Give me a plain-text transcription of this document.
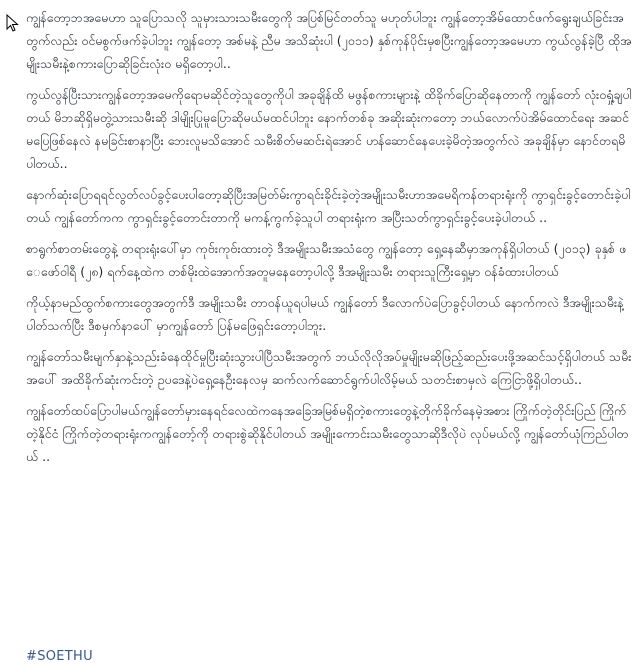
ကျွန်တော့ဘအမေဟာ သူပြောသလို သူမှားသားသမီးတွေကို အပြစ်မြင်တတ်သူ မဟုတ်ပါဘူး ကျွန်တော့အိမ်ထောင်ဖက်ရွေးချယ်ခြင်းအတွက်လည်း ဝင်မစွက်ဖက်ခဲ့ပါဘူး ကျွန်တော့ အစ်မနဲ့ ညီမ အသိဆုံးပါ (၂၀၁၁) နှစ်ကုန်ပိုင်းမှစပြီးကျွန်တော့အမေဟာ ကွယ်လွန်ခဲ့ပြီ ထိုအမျိုးသမီးနဲ့စကားပြောဆိုခြင်းလုံးဝ မရှိတော့ပါ..

ကွယ်လွန်ပြီးသားကျွန်တော့အမေကိုရောမဆိုင်တဲ့သူတွေကိုပါ အခုချိန်ထိ မဖွန်စကားများနဲ့ ထိခိုက်ပြောဆိုနေတာကို ကျွန်တော် လုံးဝရှုံ့ချပါတယ် မိဘဆိုရှိမတွဲ့သားသမီးဆို ဒါမျိုးပြုမူပြောဆိုမယ်မထင်ပါဘူး နောက်တစ်ခု အဆိုးဆုံးကတော့ ဘယ်လောက်ပဲအိမ်ထောင်ရေး အဆင်မပြေဖြစ်နေလဲ နမခြင်းစာနာပြီး ဘေးလူမသိအောင် သမီးစိတ်မဆင်းရဲအောင် ဟန်ဆောင်နေပေးခဲ့မိတဲ့အတွက်လဲ အခုချိန်မှာ နောင်တရမိပါတယ်..

နောက်ဆုံးပြောရရင်လွတ်လပ်ခွင့်ပေးပါတော့ဆိုပြီးအမြတ်မ်းကွာရင်းခိုင်းခဲ့တဲ့အမျိုးသမီးဟာအမေရိကန်တရားရုံးကို ကွာရှင်းခွင့်တောင်းခဲ့ပါတယ် ကျွန်တော်ကက ကွာရှင်းခွင့်တောင်းတာကို မကန့်ကွက်ခဲ့သူပါ တရားရုံးက အပြီးသတ်ကွာရှင်းခွင့်ပေးခဲ့ပါတယ် ..

စာရွက်စာတမ်းတွေနဲ့ တရားရုံးပေါ်မှာ ကုဗ်းကုဗ်းထားတဲ့ ဒီအမျိုးသမီးအသံတွေ ကျွန်တော့ ရှေ့နေဆီမှာအကုန်ရှိပါတယ် (၂၀၁၃) ခုနှစ် ဖေဖော်ဝါရီ (၂၈) ရက်နေ့ထဲက တစ်မိုးထဲအောက်အတူမနေတော့ပါလို့ ဒီအမျိုးသမီး တရားသူကြီးရှေ့မှာ ဝန်ခံထားပါတယ်

ကိုယ့်နာမည်ထွက်စကားတွေအတွက်ဒီ အမျိုးသမီး တာဝန်ယူရပါမယ် ကျွန်တော် ဒီလောက်ပဲပြောခွင့်ပါတယ် နောက်ကလဲ ဒီအမျိုးသမီးနဲ့ ပါတ်သက်ပြီး ဒီစမှက်နာပေါ် မှာကျွန်တော် ပြန်မဖြေရှင်းတော့ပါဘူး.

ကျွန်တော်သမီးမျက်နှာနဲ့သည်းခံနေထိုင်မှုပြီးဆုံးသွားပါပြီသမီးအတွက် ဘယ်လိုလိုအပ်မှုမျိုးမဆိုဖြည့်ဆည်းပေးဖို့အဆင်သင့်ရှိပါတယ် သမီးအပေါ် အထိခိုက်ဆုံးကင်းတဲ့ ဥပဒေနဲ့ပဲရှေ့နေဦးနေလမှ ဆက်လက်ဆောင်ရွက်ပါလိမ့်မယ် သတင်းစာမှလဲ ကြေငြာဖို့ရှိပါတယ်..

ကျွန်တော်ထပ်ပြောပါမယ်ကျွန်တော်မှားနေရင်လေထဲကနေအခြေအမြစ်မရှိတဲ့စကားတွေနဲ့တိုက်ခိုက်နေမဲ့အစား ကြိုက်တဲ့တိုင်းပြည် ကြိုက်တဲ့နိုင်ငံ ကြိုက်တဲ့တရားရုံးကကျွန်တော့်ကို တရားစွဲဆိုနိုင်ပါတယ် အမျိုးကောင်းသမီးတွေသာဆိုဒီလိုပဲ လုပ်မယ်လို့ ကျွန်တော်ယုံကြည်ပါတယ် ..

#SOETHU
